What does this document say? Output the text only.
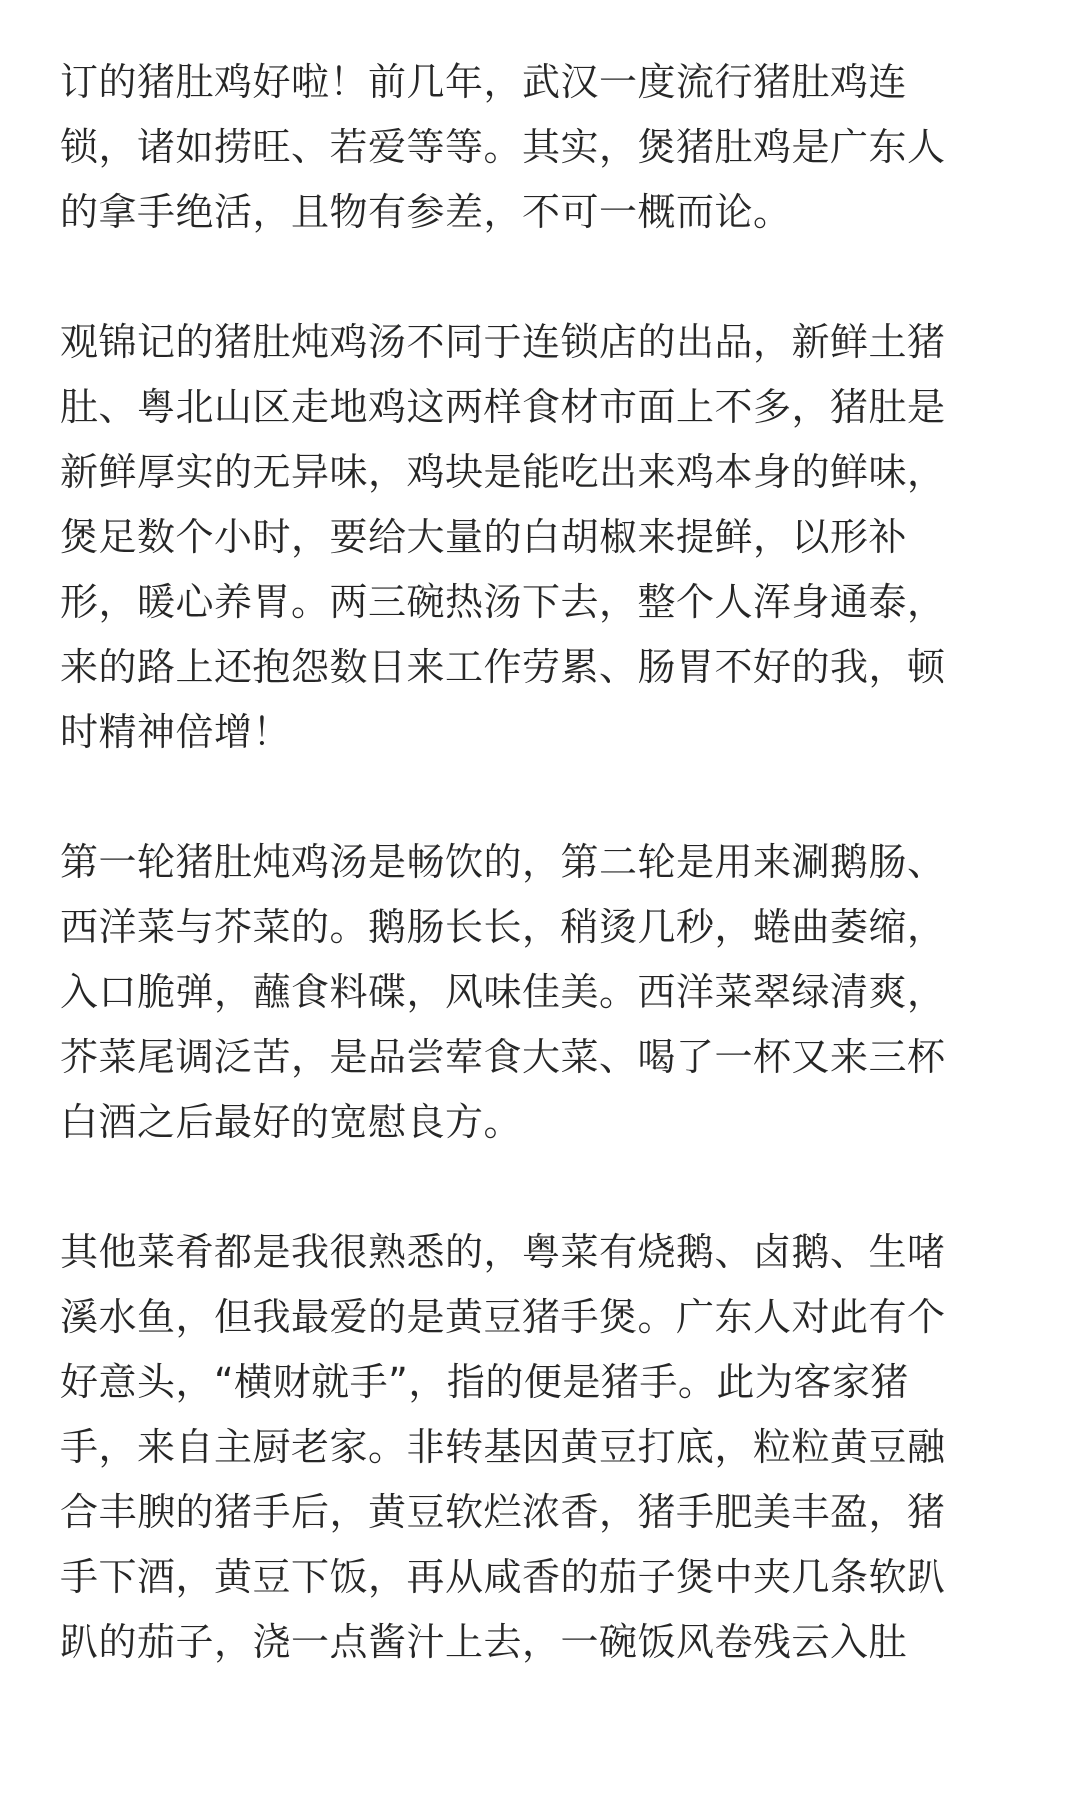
订的猪肚鸡好啦！前几年，武汉一度流行猪肚鸡连
锁，诸如捞旺、若爱等等。其实，煲猪肚鸡是广东人
的拿手绝活，且物有参差，不可一概而论。

观锦记的猪肚炖鸡汤不同于连锁店的出品，新鲜土猪
肚、粤北山区走地鸡这两样食材市面上不多，猪肚是
新鲜厚实的无异味，鸡块是能吃出来鸡本身的鲜味，
煲足数个小时，要给大量的白胡椒来提鲜，以形补
形，暖心养胃。两三碗热汤下去，整个人浑身通泰，
来的路上还抱怨数日来工作劳累、肠胃不好的我，顿
时精神倍增！

第一轮猪肚炖鸡汤是畅饮的，第二轮是用来涮鹅肠、
西洋菜与芥菜的。鹅肠长长，稍烫几秒，蜷曲萎缩，
入口脆弹，蘸食料碟，风味佳美。西洋菜翠绿清爽，
芥菜尾调泛苦，是品尝荤食大菜、喝了一杯又来三杯
白酒之后最好的宽慰良方。

其他菜肴都是我很熟悉的，粤菜有烧鹅、卤鹅、生啫
溪水鱼，但我最爱的是黄豆猪手煲。广东人对此有个
好意头，“横财就手”，指的便是猪手。此为客家猪
手，来自主厨老家。非转基因黄豆打底，粒粒黄豆融
合丰腴的猪手后，黄豆软烂浓香，猪手肥美丰盈，猪
手下酒，黄豆下饭，再从咸香的茄子煲中夹几条软趴
趴的茄子，浇一点酱汁上去，一碗饭风卷残云入肚
